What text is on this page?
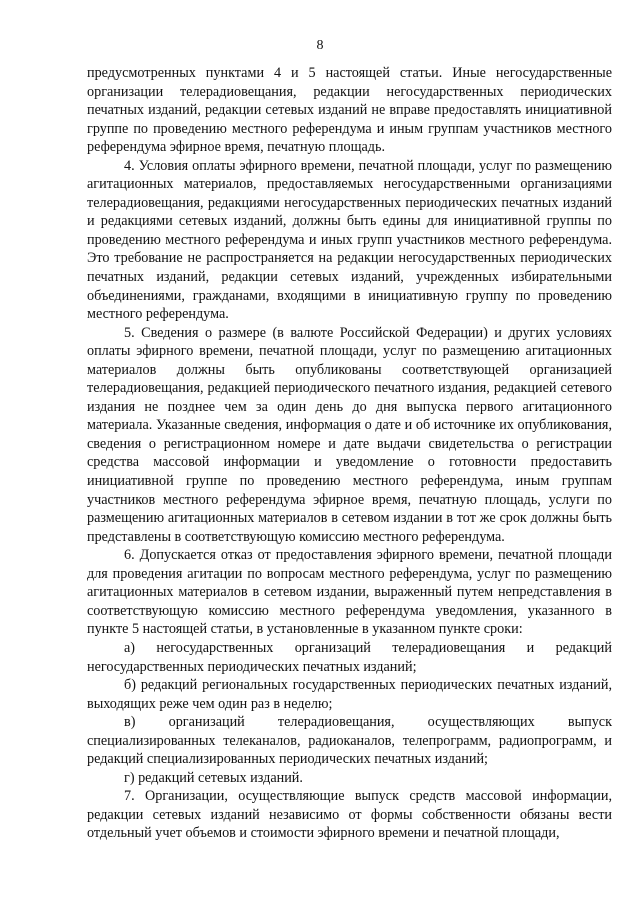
8

предусмотренных пунктами 4 и 5 настоящей статьи. Иные негосударственные организации телерадиовещания, редакции негосударственных периодических печатных изданий, редакции сетевых изданий не вправе предоставлять инициативной группе по проведению местного референдума и иным группам участников местного референдума эфирное время, печатную площадь.

4. Условия оплаты эфирного времени, печатной площади, услуг по размещению агитационных материалов, предоставляемых негосударственными организациями телерадиовещания, редакциями негосударственных периодических печатных изданий и редакциями сетевых изданий, должны быть едины для инициативной группы по проведению местного референдума и иных групп участников местного референдума. Это требование не распространяется на редакции негосударственных периодических печатных изданий, редакции сетевых изданий, учрежденных избирательными объединениями, гражданами, входящими в инициативную группу по проведению местного референдума.

5. Сведения о размере (в валюте Российской Федерации) и других условиях оплаты эфирного времени, печатной площади, услуг по размещению агитационных материалов должны быть опубликованы соответствующей организацией телерадиовещания, редакцией периодического печатного издания, редакцией сетевого издания не позднее чем за один день до дня выпуска первого агитационного материала. Указанные сведения, информация о дате и об источнике их опубликования, сведения о регистрационном номере и дате выдачи свидетельства о регистрации средства массовой информации и уведомление о готовности предоставить инициативной группе по проведению местного референдума, иным группам участников местного референдума эфирное время, печатную площадь, услуги по размещению агитационных материалов в сетевом издании в тот же срок должны быть представлены в соответствующую комиссию местного референдума.

6. Допускается отказ от предоставления эфирного времени, печатной площади для проведения агитации по вопросам местного референдума, услуг по размещению агитационных материалов в сетевом издании, выраженный путем непредставления в соответствующую комиссию местного референдума уведомления, указанного в пункте 5 настоящей статьи, в установленные в указанном пункте сроки:

а) негосударственных организаций телерадиовещания и редакций негосударственных периодических печатных изданий;

б) редакций региональных государственных периодических печатных изданий, выходящих реже чем один раз в неделю;

в) организаций телерадиовещания, осуществляющих выпуск специализированных телеканалов, радиоканалов, телепрограмм, радиопрограмм, и редакций специализированных периодических печатных изданий;

г) редакций сетевых изданий.

7. Организации, осуществляющие выпуск средств массовой информации, редакции сетевых изданий независимо от формы собственности обязаны вести отдельный учет объемов и стоимости эфирного времени и печатной площади,
